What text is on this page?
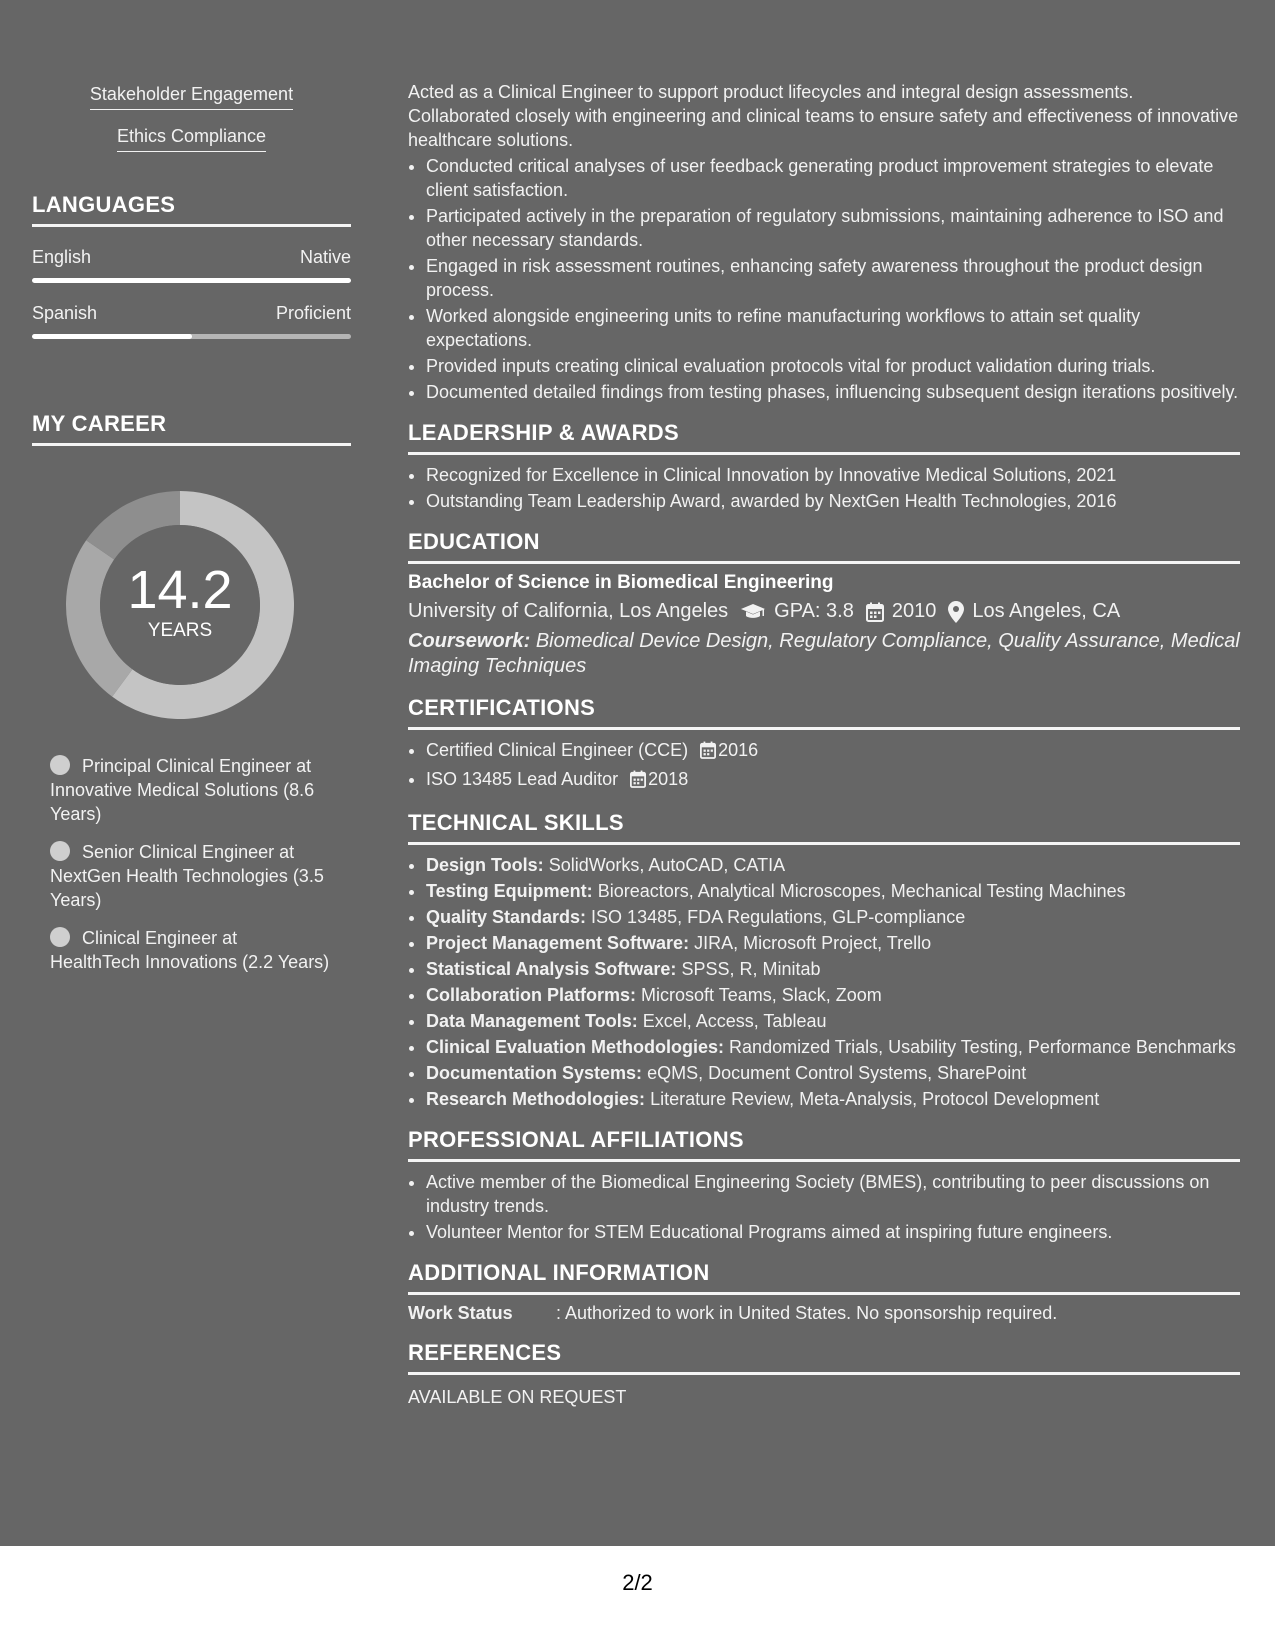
Stakeholder Engagement
Ethics Compliance
LANGUAGES
English	Native
Spanish	Proficient
MY CAREER
14.2
YEARS
Principal Clinical Engineer at Innovative Medical Solutions (8.6 Years)
Senior Clinical Engineer at NextGen Health Technologies (3.5 Years)
Clinical Engineer at HealthTech Innovations (2.2 Years)
Acted as a Clinical Engineer to support product lifecycles and integral design assessments. Collaborated closely with engineering and clinical teams to ensure safety and effectiveness of innovative healthcare solutions.
• Conducted critical analyses of user feedback generating product improvement strategies to elevate client satisfaction.
• Participated actively in the preparation of regulatory submissions, maintaining adherence to ISO and other necessary standards.
• Engaged in risk assessment routines, enhancing safety awareness throughout the product design process.
• Worked alongside engineering units to refine manufacturing workflows to attain set quality expectations.
• Provided inputs creating clinical evaluation protocols vital for product validation during trials.
• Documented detailed findings from testing phases, influencing subsequent design iterations positively.
LEADERSHIP & AWARDS
• Recognized for Excellence in Clinical Innovation by Innovative Medical Solutions, 2021
• Outstanding Team Leadership Award, awarded by NextGen Health Technologies, 2016
EDUCATION
Bachelor of Science in Biomedical Engineering
University of California, Los Angeles GPA: 3.8 2010 Los Angeles, CA
Coursework: Biomedical Device Design, Regulatory Compliance, Quality Assurance, Medical Imaging Techniques
CERTIFICATIONS
• Certified Clinical Engineer (CCE) 2016
• ISO 13485 Lead Auditor 2018
TECHNICAL SKILLS
• Design Tools: SolidWorks, AutoCAD, CATIA
• Testing Equipment: Bioreactors, Analytical Microscopes, Mechanical Testing Machines
• Quality Standards: ISO 13485, FDA Regulations, GLP-compliance
• Project Management Software: JIRA, Microsoft Project, Trello
• Statistical Analysis Software: SPSS, R, Minitab
• Collaboration Platforms: Microsoft Teams, Slack, Zoom
• Data Management Tools: Excel, Access, Tableau
• Clinical Evaluation Methodologies: Randomized Trials, Usability Testing, Performance Benchmarks
• Documentation Systems: eQMS, Document Control Systems, SharePoint
• Research Methodologies: Literature Review, Meta-Analysis, Protocol Development
PROFESSIONAL AFFILIATIONS
• Active member of the Biomedical Engineering Society (BMES), contributing to peer discussions on industry trends.
• Volunteer Mentor for STEM Educational Programs aimed at inspiring future engineers.
ADDITIONAL INFORMATION
Work Status	: Authorized to work in United States. No sponsorship required.
REFERENCES
AVAILABLE ON REQUEST
2/2
